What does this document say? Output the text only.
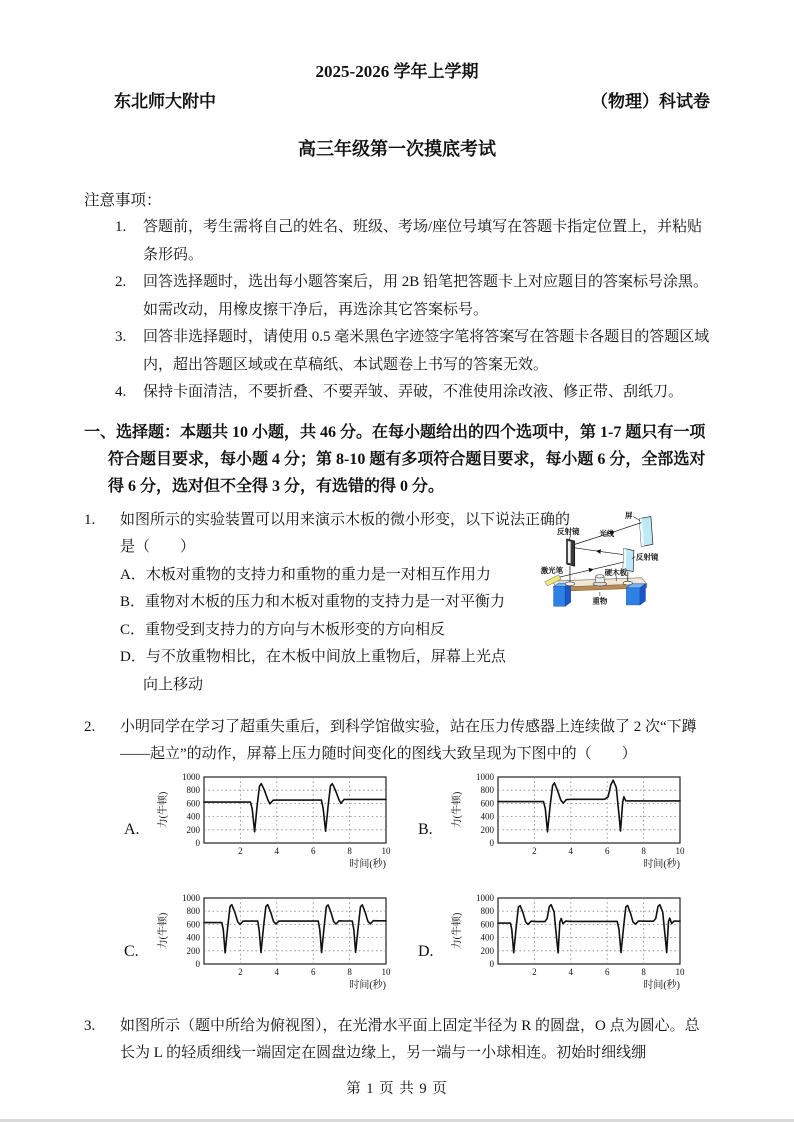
2025-2026 学年上学期
东北师大附中	（物理）科试卷
高三年级第一次摸底考试
注意事项：
1.	答题前，考生需将自己的姓名、班级、考场/座位号填写在答题卡指定位置上，并粘贴条形码。
2.	回答选择题时，选出每小题答案后，用 2B 铅笔把答题卡上对应题目的答案标号涂黑。如需改动，用橡皮擦干净后，再选涂其它答案标号。
3.	回答非选择题时，请使用 0.5 毫米黑色字迹签字笔将答案写在答题卡各题目的答题区域内，超出答题区域或在草稿纸、本试题卷上书写的答案无效。
4.	保持卡面清洁，不要折叠、不要弄皱、弄破，不准使用涂改液、修正带、刮纸刀。
一、选择题：本题共 10 小题，共 46 分。在每小题给出的四个选项中，第 1-7 题只有一项符合题目要求，每小题 4 分；第 8-10 题有多项符合题目要求，每小题 6 分，全部选对得 6 分，选对但不全得 3 分，有选错的得 0 分。
屏
反射镜 光线
反射镜
激光笔	硬木板
重物
1. 如图所示的实验装置可以用来演示木板的微小形变，以下说法正确的是（　　）
A．木板对重物的支持力和重物的重力是一对相互作用力
B．重物对木板的压力和木板对重物的支持力是一对平衡力
C．重物受到支持力的方向与木板形变的方向相反
D．与不放重物相比，在木板中间放上重物后，屏幕上光点
向上移动
2. 小明同学在学习了超重失重后，到科学馆做实验，站在压力传感器上连续做了 2 次“下蹲——起立”的动作，屏幕上压力随时间变化的图线大致呈现为下图中的（　　）
A.
2	4	6	8	10
0
200
400
600
800
1000
时间(秒)
力(牛顿)
B.
2	4	6	8	10
0
200
400
600
800
1000
时间(秒)
力(牛顿)
C.
2	4	6	8	10
0
200
400
600
800
1000
时间(秒)
力(牛顿)
D.
2	4	6	8	10
0
200
400
600
800
1000
时间(秒)
力(牛顿)
3. 如图所示（题中所给为俯视图），在光滑水平面上固定半径为 R 的圆盘，O 点为圆心。总长为 L 的轻质细线一端固定在圆盘边缘上，另一端与一小球相连。初始时细线绷
第 1 页 共 9 页
